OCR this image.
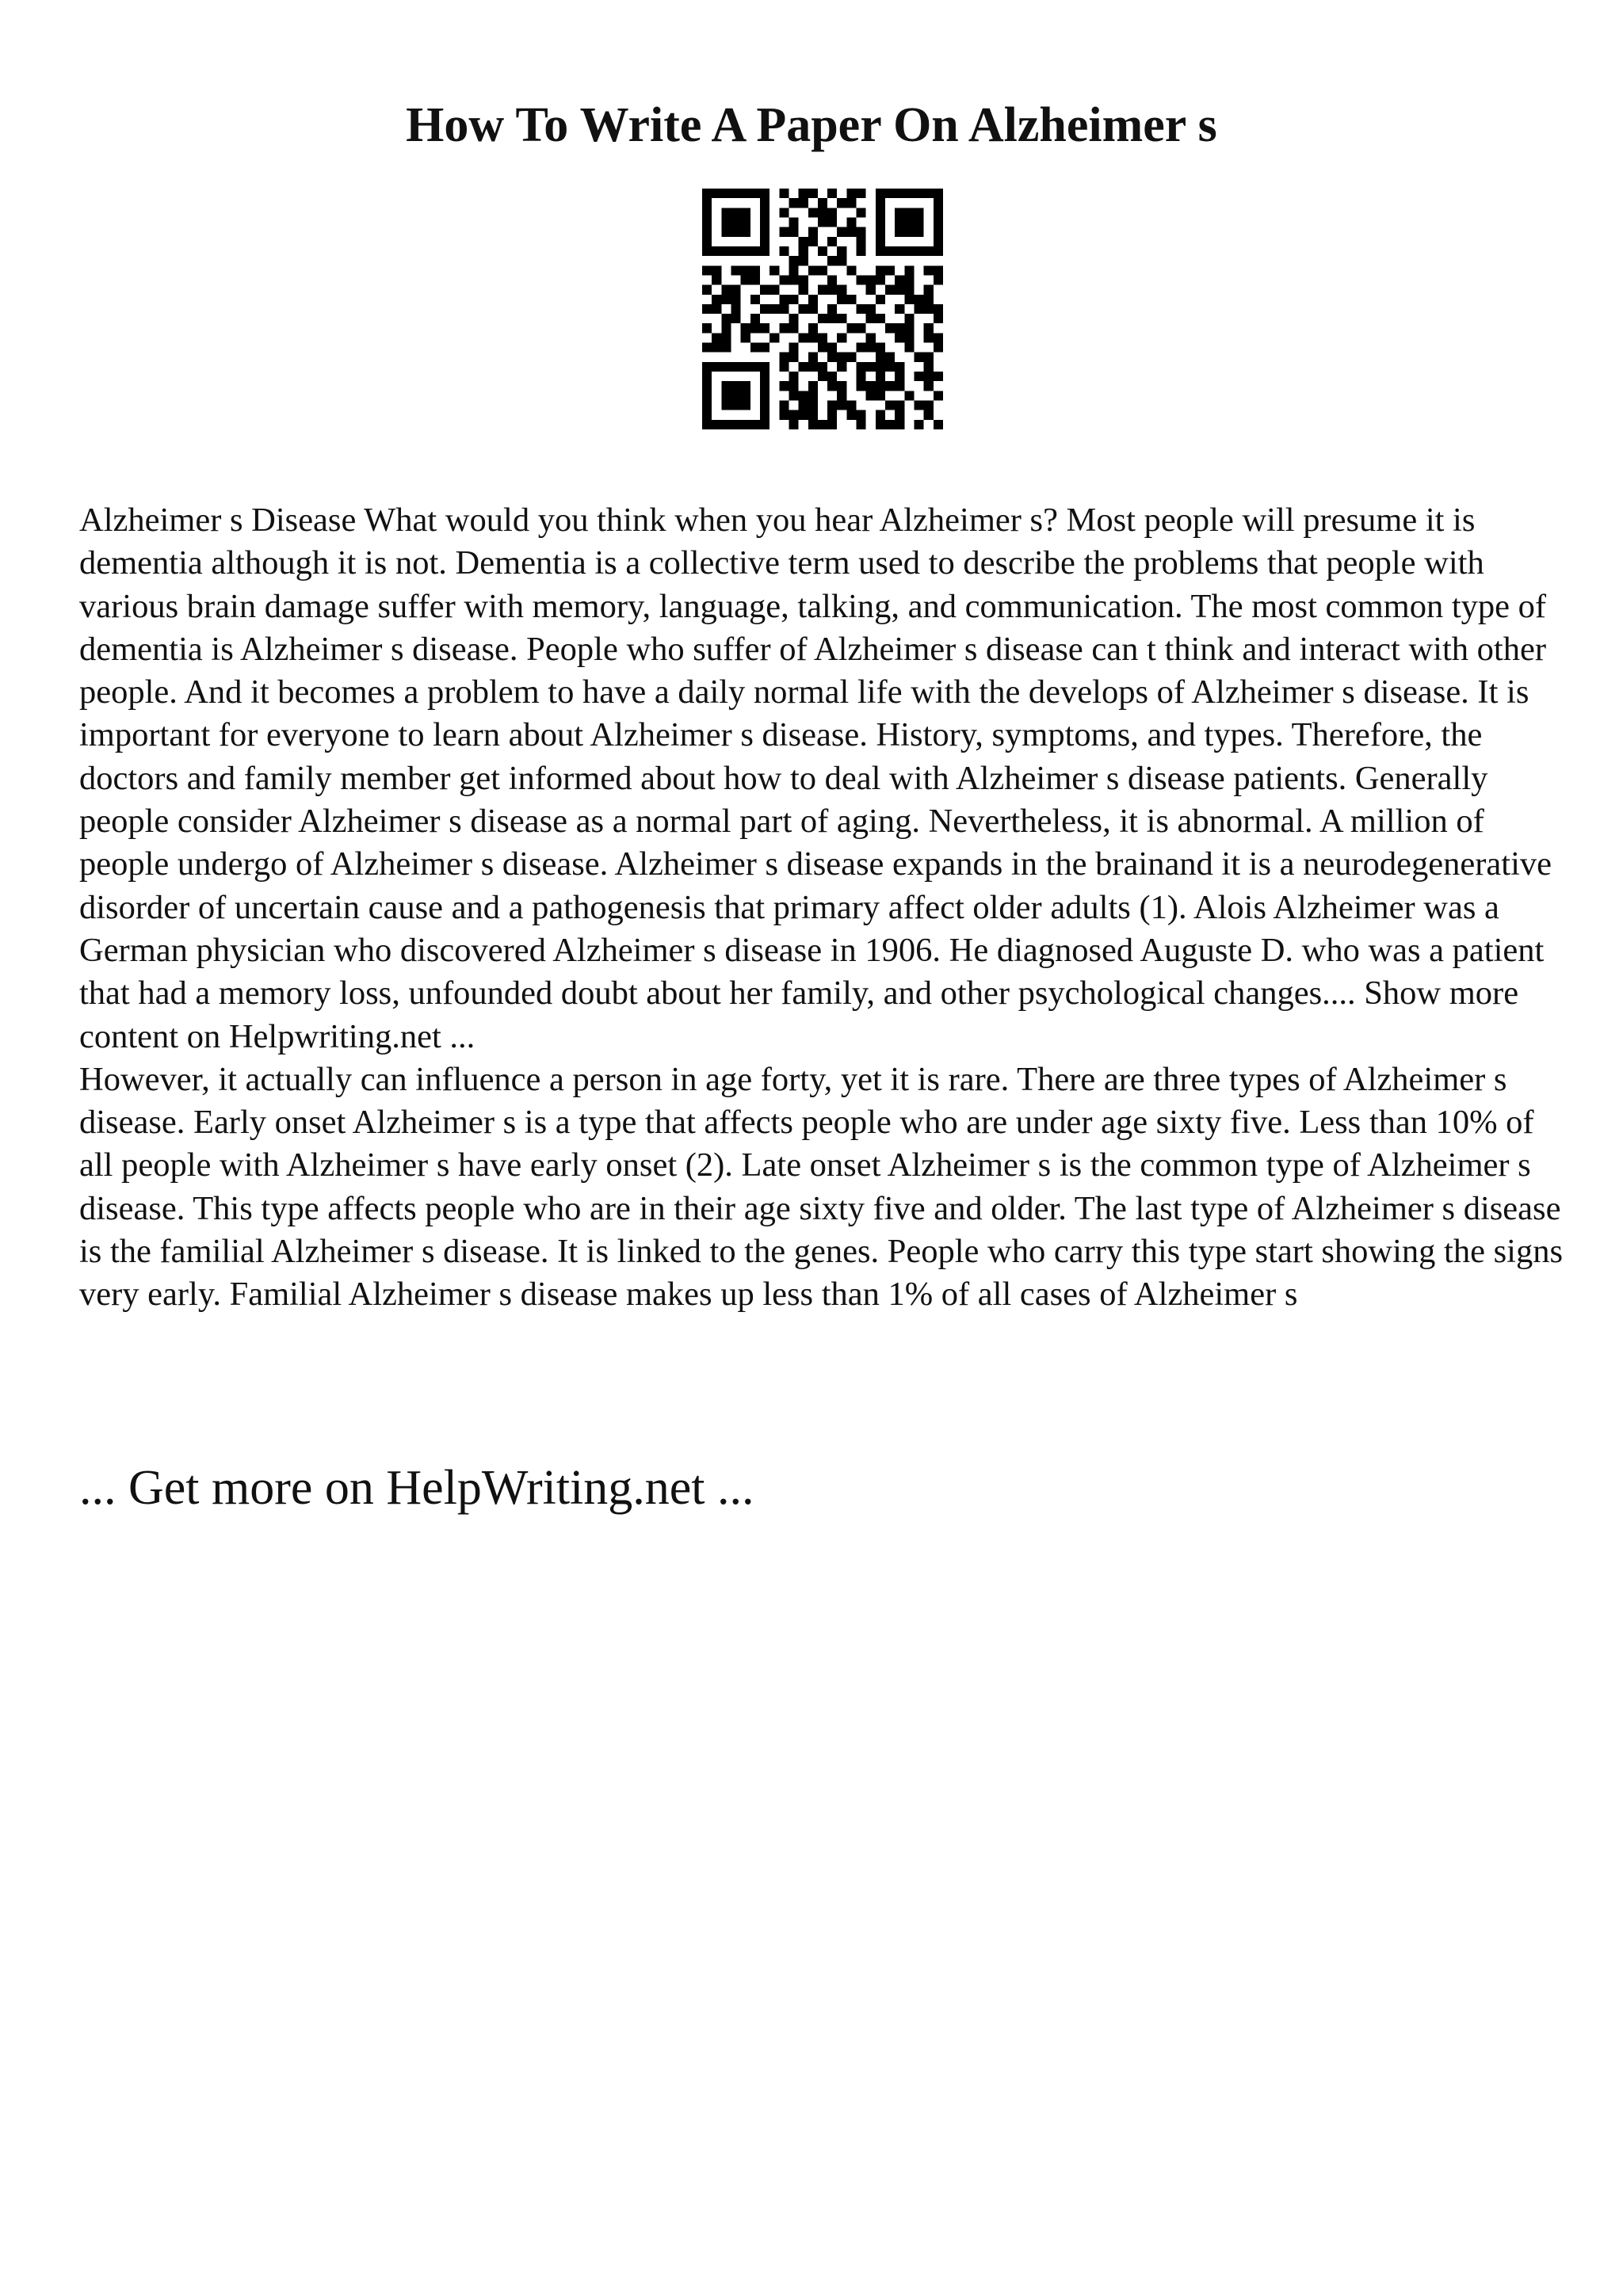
How To Write A Paper On Alzheimer s

Alzheimer s Disease What would you think when you hear Alzheimer s? Most people will presume it is dementia although it is not. Dementia is a collective term used to describe the problems that people with various brain damage suffer with memory, language, talking, and communication. The most common type of dementia is Alzheimer s disease. People who suffer of Alzheimer s disease can t think and interact with other people. And it becomes a problem to have a daily normal life with the develops of Alzheimer s disease. It is important for everyone to learn about Alzheimer s disease. History, symptoms, and types. Therefore, the doctors and family member get informed about how to deal with Alzheimer s disease patients. Generally people consider Alzheimer s disease as a normal part of aging. Nevertheless, it is abnormal. A million of people undergo of Alzheimer s disease. Alzheimer s disease expands in the brainand it is a neurodegenerative disorder of uncertain cause and a pathogenesis that primary affect older adults (1). Alois Alzheimer was a German physician who discovered Alzheimer s disease in 1906. He diagnosed Auguste D. who was a patient that had a memory loss, unfounded doubt about her family, and other psychological changes.... Show more content on Helpwriting.net ...

However, it actually can influence a person in age forty, yet it is rare. There are three types of Alzheimer s disease. Early onset Alzheimer s is a type that affects people who are under age sixty five. Less than 10% of all people with Alzheimer s have early onset (2). Late onset Alzheimer s is the common type of Alzheimer s disease. This type affects people who are in their age sixty five and older. The last type of Alzheimer s disease is the familial Alzheimer s disease. It is linked to the genes. People who carry this type start showing the signs very early. Familial Alzheimer s disease makes up less than 1% of all cases of Alzheimer s

... Get more on HelpWriting.net ...
